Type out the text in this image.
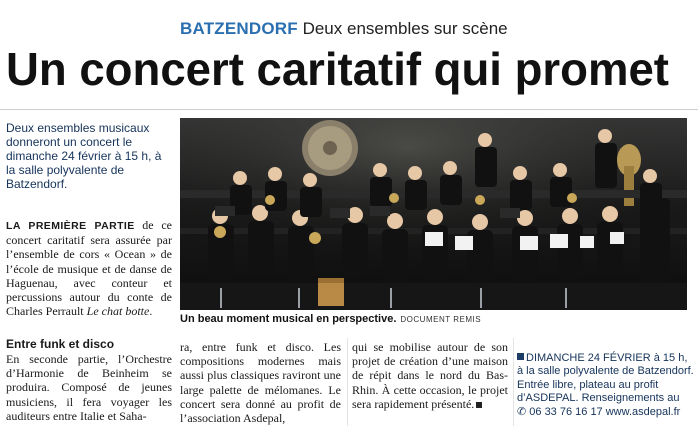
BATZENDORF Deux ensembles sur scène
Un concert caritatif qui promet

Deux ensembles musicaux donneront un concert le dimanche 24 février à 15 h, à la salle polyvalente de Batzendorf.

LA PREMIÈRE PARTIE de ce concert caritatif sera assurée par l’ensemble de cors « Ocean » de l’école de musique et de danse de Haguenau, avec conteur et percussions autour du conte de Charles Perrault Le chat botte.

Entre funk et disco

En seconde partie, l’Orchestre d’Harmonie de Beinheim se produira. Composé de jeunes musiciens, il fera voyager les auditeurs entre Italie et Saha-

Un beau moment musical en perspective. DOCUMENT REMIS

ra, entre funk et disco. Les compositions modernes mais aussi plus classiques raviront une large palette de mélomanes. Le concert sera donné au profit de l’association Asdepal,

qui se mobilise autour de son projet de création d’une maison de répit dans le nord du Bas-Rhin. À cette occasion, le projet sera rapidement présenté.

DIMANCHE 24 FÉVRIER à 15 h, à la salle polyvalente de Batzendorf.
Entrée libre, plateau au profit d’ASDEPAL. Renseignements au
✆ 06 33 76 16 17 www.asdepal.fr
